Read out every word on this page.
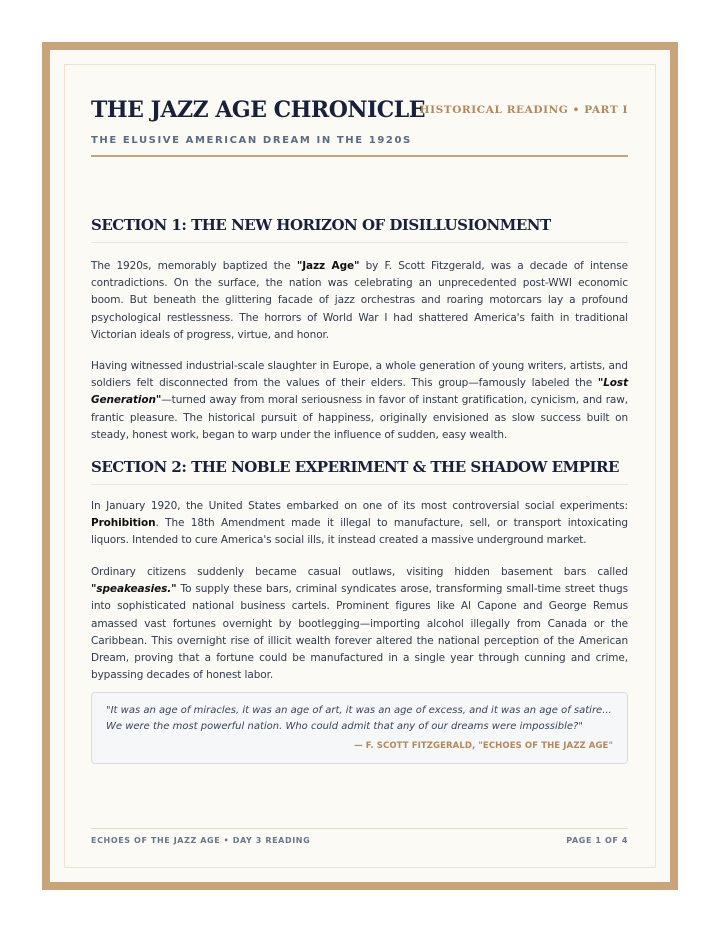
THE JAZZ AGE CHRONICLE
HISTORICAL READING • PART I
THE ELUSIVE AMERICAN DREAM IN THE 1920S
SECTION 1: THE NEW HORIZON OF DISILLUSIONMENT

The 1920s, memorably baptized the "Jazz Age" by F. Scott Fitzgerald, was a decade of intense contradictions. On the surface, the nation was celebrating an unprecedented post-WWI economic boom. But beneath the glittering facade of jazz orchestras and roaring motorcars lay a profound psychological restlessness. The horrors of World War I had shattered America's faith in traditional Victorian ideals of progress, virtue, and honor.

Having witnessed industrial-scale slaughter in Europe, a whole generation of young writers, artists, and soldiers felt disconnected from the values of their elders. This group—famously labeled the "Lost Generation"—turned away from moral seriousness in favor of instant gratification, cynicism, and raw, frantic pleasure. The historical pursuit of happiness, originally envisioned as slow success built on steady, honest work, began to warp under the influence of sudden, easy wealth.

SECTION 2: THE NOBLE EXPERIMENT & THE SHADOW EMPIRE

In January 1920, the United States embarked on one of its most controversial social experiments: Prohibition. The 18th Amendment made it illegal to manufacture, sell, or transport intoxicating liquors. Intended to cure America's social ills, it instead created a massive underground market.

Ordinary citizens suddenly became casual outlaws, visiting hidden basement bars called "speakeasies." To supply these bars, criminal syndicates arose, transforming small-time street thugs into sophisticated national business cartels. Prominent figures like Al Capone and George Remus amassed vast fortunes overnight by bootlegging—importing alcohol illegally from Canada or the Caribbean. This overnight rise of illicit wealth forever altered the national perception of the American Dream, proving that a fortune could be manufactured in a single year through cunning and crime, bypassing decades of honest labor.

"It was an age of miracles, it was an age of art, it was an age of excess, and it was an age of satire... We were the most powerful nation. Who could admit that any of our dreams were impossible?"

— F. SCOTT FITZGERALD, "ECHOES OF THE JAZZ AGE"
ECHOES OF THE JAZZ AGE • DAY 3 READING	PAGE 1 OF 4
